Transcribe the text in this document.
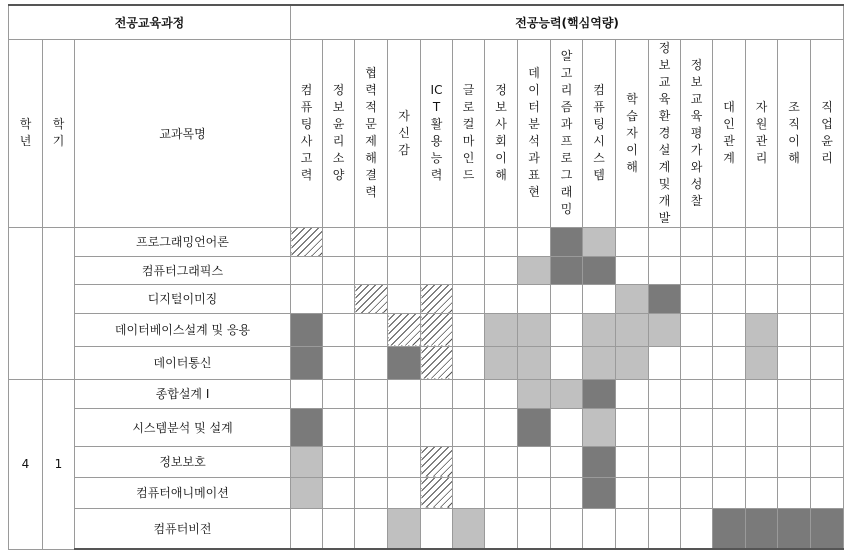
전공교육과정			전공능력(핵심역량)																
학년	학기	교과목명	컴퓨팅사고력	정보윤리소양	협력적문제해결력	자신감	ICT활용능력	글로컬마인드	정보사회이해	데이터분석과표현	알고리즘과프로그래밍	컴퓨팅시스템	학습자이해	정보교육환경설계및개발	정보교육평가와성찰	대인관계	자원관리	조직이해	직업윤리
		프로그래밍언어론																	
		컴퓨터그래픽스																	
		디지털이미징																	
		데이터베이스설계 및 응용																	
		데이터통신																	
4	1	종합설계 Ⅰ																	
		시스템분석 및 설계																	
		정보보호																	
		컴퓨터애니메이션																	
		컴퓨터비전																	
